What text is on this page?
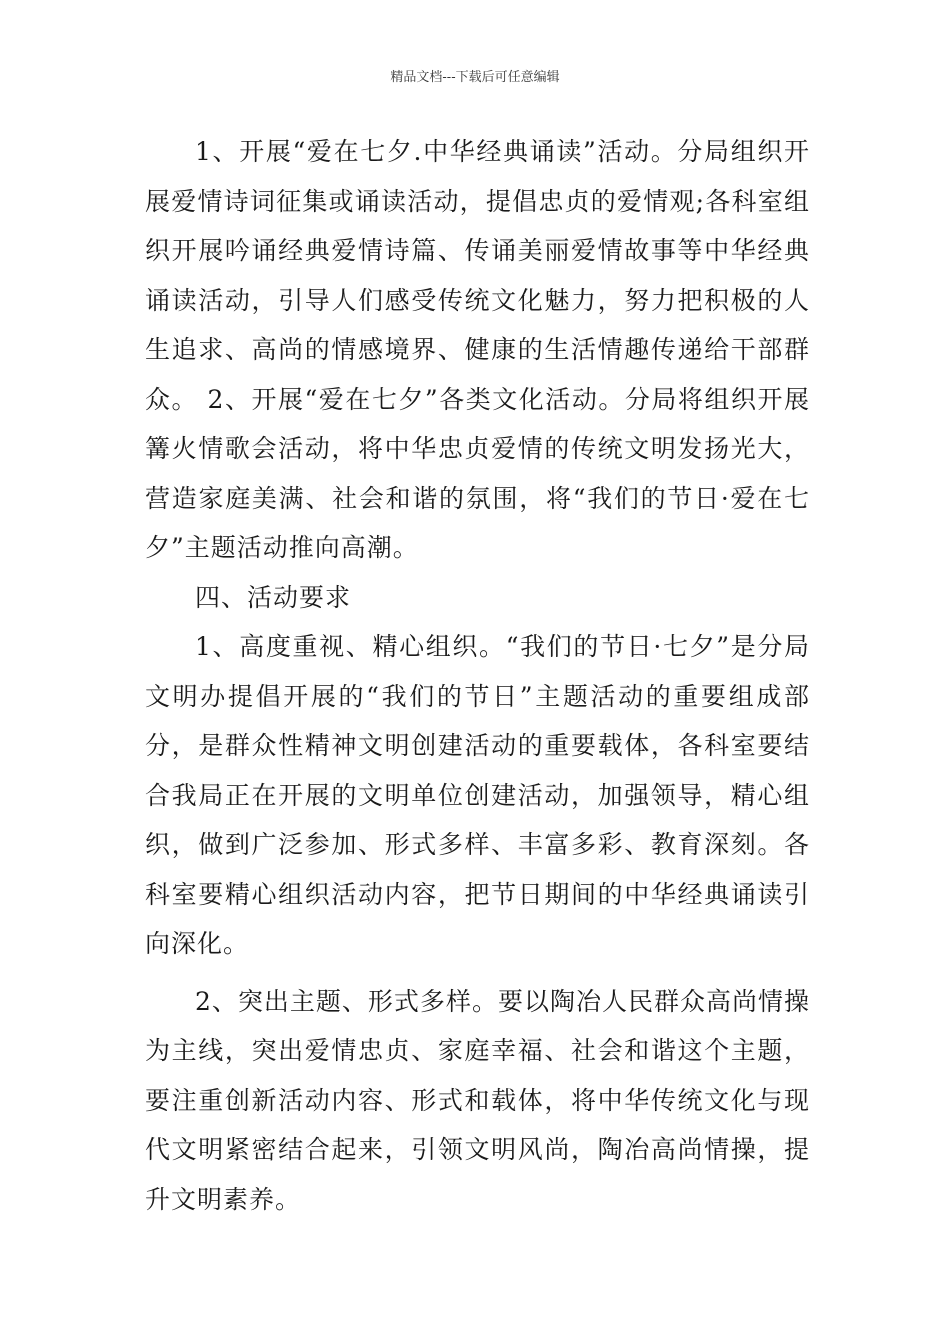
精品文档---下载后可任意编辑

1、开展“爱在七夕.中华经典诵读”活动。分局组织开展爱情诗词征集或诵读活动，提倡忠贞的爱情观;各科室组织开展吟诵经典爱情诗篇、传诵美丽爱情故事等中华经典诵读活动，引导人们感受传统文化魅力，努力把积极的人生追求、高尚的情感境界、健康的生活情趣传递给干部群众。 2、开展“爱在七夕”各类文化活动。分局将组织开展篝火情歌会活动，将中华忠贞爱情的传统文明发扬光大，营造家庭美满、社会和谐的氛围，将“我们的节日·爱在七夕”主题活动推向高潮。

四、活动要求

1、高度重视、精心组织。“我们的节日·七夕”是分局文明办提倡开展的“我们的节日”主题活动的重要组成部分，是群众性精神文明创建活动的重要载体，各科室要结合我局正在开展的文明单位创建活动，加强领导，精心组织，做到广泛参加、形式多样、丰富多彩、教育深刻。各科室要精心组织活动内容，把节日期间的中华经典诵读引向深化。

2、突出主题、形式多样。要以陶冶人民群众高尚情操为主线，突出爱情忠贞、家庭幸福、社会和谐这个主题，要注重创新活动内容、形式和载体，将中华传统文化与现代文明紧密结合起来，引领文明风尚，陶冶高尚情操，提升文明素养。
